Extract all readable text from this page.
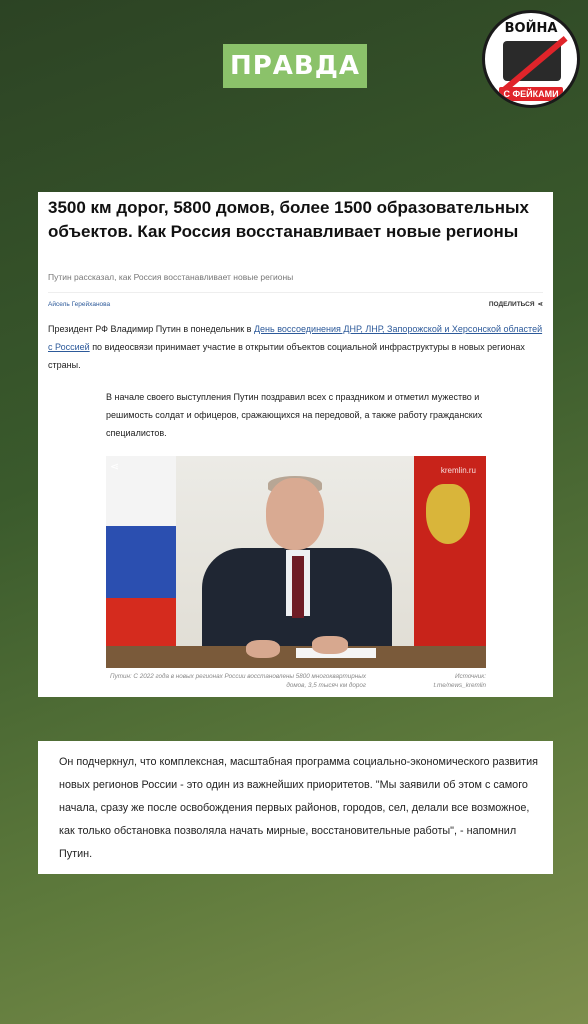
ПРАВДА
ВОЙНА
С ФЕЙКАМИ
3500 км дорог, 5800 домов, более 1500 образовательных объектов. Как Россия восстанавливает новые регионы
Путин рассказал, как Россия восстанавливает новые регионы
Айсель Герейханова	ПОДЕЛИТЬСЯ ⋖
Президент РФ Владимир Путин в понедельник в День воссоединения ДНР, ЛНР, Запорожской и Херсонской областей с Россией по видеосвязи принимает участие в открытии объектов социальной инфраструктуры в новых регионах страны.
В начале своего выступления Путин поздравил всех с праздником и отметил мужество и решимость солдат и офицеров, сражающихся на передовой, а также работу гражданских специалистов.
⋖	kremlin.ru
Путин: С 2022 года в новых регионах России восстановлены 5800 многоквартирных домов, 3,5 тысяч км дорог
Источник: t.me/news_kremlin
Он подчеркнул, что комплексная, масштабная программа социально-экономического развития новых регионов России - это один из важнейших приоритетов. "Мы заявили об этом с самого начала, сразу же после освобождения первых районов, городов, сел, делали все возможное, как только обстановка позволяла начать мирные, восстановительные работы", - напомнил Путин.
